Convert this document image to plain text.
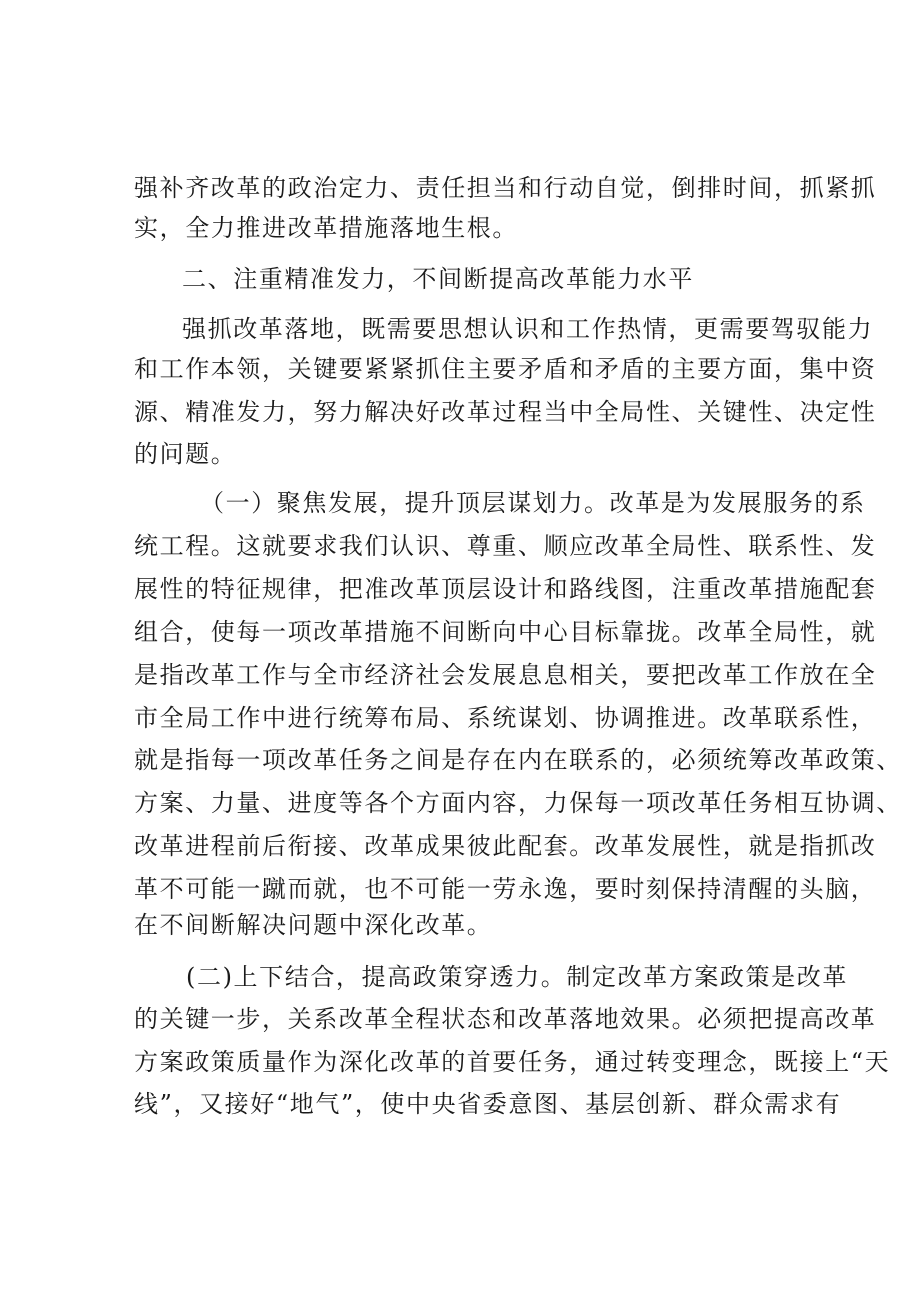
强补齐改革的政治定力、责任担当和行动自觉，倒排时间，抓紧抓

实，全力推进改革措施落地生根。

二、注重精准发力，不间断提高改革能力水平

强抓改革落地，既需要思想认识和工作热情，更需要驾驭能力

和工作本领，关键要紧紧抓住主要矛盾和矛盾的主要方面，集中资

源、精准发力，努力解决好改革过程当中全局性、关键性、决定性

的问题。

（一）聚焦发展，提升顶层谋划力。改革是为发展服务的系

统工程。这就要求我们认识、尊重、顺应改革全局性、联系性、发

展性的特征规律，把准改革顶层设计和路线图，注重改革措施配套

组合，使每一项改革措施不间断向中心目标靠拢。改革全局性，就

是指改革工作与全市经济社会发展息息相关，要把改革工作放在全

市全局工作中进行统筹布局、系统谋划、协调推进。改革联系性，

就是指每一项改革任务之间是存在内在联系的，必须统筹改革政策、

方案、力量、进度等各个方面内容，力保每一项改革任务相互协调、

改革进程前后衔接、改革成果彼此配套。改革发展性，就是指抓改

革不可能一蹴而就，也不可能一劳永逸，要时刻保持清醒的头脑，

在不间断解决问题中深化改革。

(二)上下结合，提高政策穿透力。制定改革方案政策是改革

的关键一步，关系改革全程状态和改革落地效果。必须把提高改革

方案政策质量作为深化改革的首要任务，通过转变理念，既接上“天

线”，又接好“地气”，使中央省委意图、基层创新、群众需求有
